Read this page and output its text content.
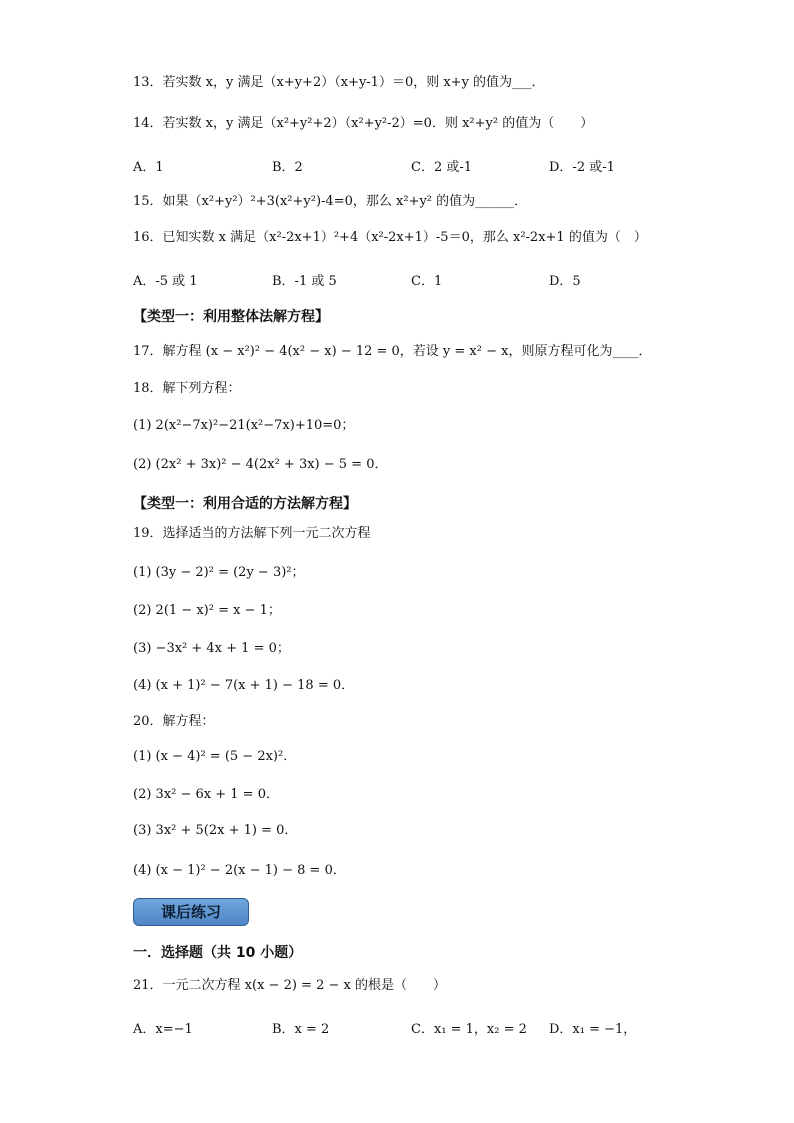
13．若实数 x，y 满足（x+y+2）（x+y-1）＝0，则 x+y 的值为___．
14．若实数 x，y 满足（x²+y²+2）（x²+y²-2）=0．则 x²+y² 的值为（　　）
A．1	B．2	C．2 或-1	D．-2 或-1
15．如果（x²+y²）²+3(x²+y²)-4=0，那么 x²+y² 的值为______．
16．已知实数 x 满足（x²-2x+1）²+4（x²-2x+1）-5＝0，那么 x²-2x+1 的值为（　）
A．-5 或 1	B．-1 或 5	C．1	D．5
【类型一：利用整体法解方程】
17．解方程 (x − x²)² − 4(x² − x) − 12 = 0，若设 y = x² − x，则原方程可化为____．
18．解下列方程：
(1) 2(x²−7x)²−21(x²−7x)+10=0；
(2) (2x² + 3x)² − 4(2x² + 3x) − 5 = 0．
【类型一：利用合适的方法解方程】
19．选择适当的方法解下列一元二次方程
(1) (3y − 2)² = (2y − 3)²；
(2) 2(1 − x)² = x − 1；
(3) −3x² + 4x + 1 = 0；
(4) (x + 1)² − 7(x + 1) − 18 = 0．
20．解方程：
(1) (x − 4)² = (5 − 2x)²．
(2) 3x² − 6x + 1 = 0．
(3) 3x² + 5(2x + 1) = 0．
(4) (x − 1)² − 2(x − 1) − 8 = 0．
课后练习
一．选择题（共 10 小题）
21．一元二次方程 x(x − 2) = 2 − x 的根是（　　）
A．x=−1	B．x = 2	C．x₁ = 1，x₂ = 2 D．x₁ = −1，
